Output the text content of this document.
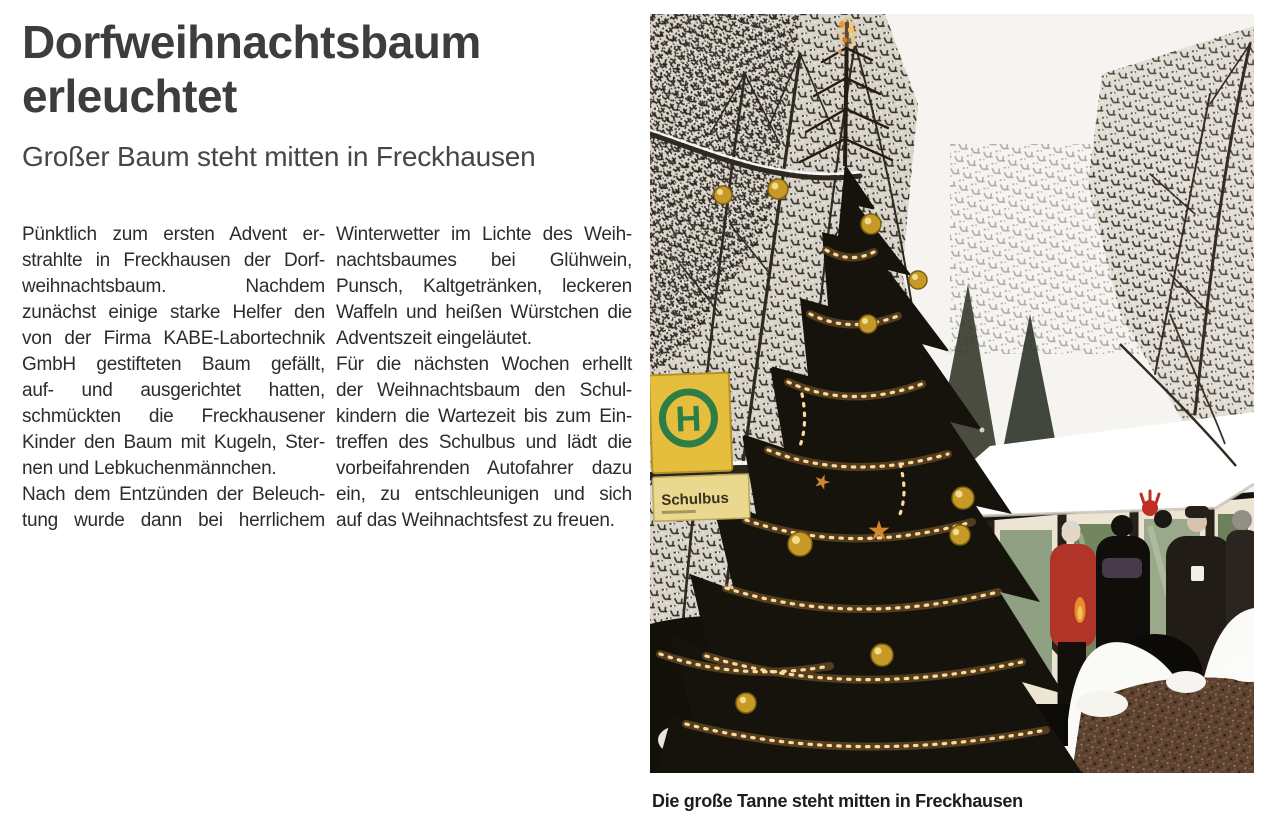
Dorfweihnachtsbaum
erleuchtet
Großer Baum steht mitten in Freckhausen
Pünktlich zum ersten Advent er-
strahlte in Freckhausen der Dorf-
weihnachtsbaum. Nachdem
zunächst einige starke Helfer den
von der Firma KABE-Labortechnik
GmbH gestifteten Baum gefällt,
auf- und ausgerichtet hatten,
schmückten die Freckhausener
Kinder den Baum mit Kugeln, Ster-
nen und Lebkuchenmännchen.
Nach dem Entzünden der Beleuch-
tung wurde dann bei herrlichem
Winterwetter im Lichte des Weih-
nachtsbaumes bei Glühwein,
Punsch, Kaltgetränken, leckeren
Waffeln und heißen Würstchen die
Adventszeit eingeläutet.
Für die nächsten Wochen erhellt
der Weihnachtsbaum den Schul-
kindern die Wartezeit bis zum Ein-
treffen des Schulbus und lädt die
vorbeifahrenden Autofahrer dazu
ein, zu entschleunigen und sich
auf das Weihnachtsfest zu freuen.
H
Schulbus
Die große Tanne steht mitten in Freckhausen
